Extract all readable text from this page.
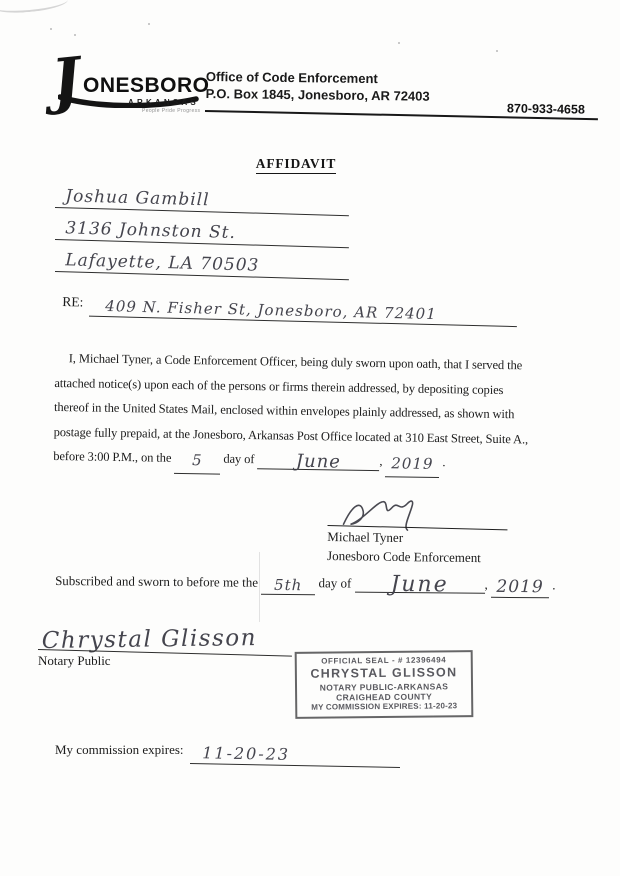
J ONESBORO
ARKANSAS
People Pride Progress
Office of Code Enforcement
P.O. Box 1845, Jonesboro, AR 72403
870-933-4658
AFFIDAVIT
Joshua Gambill
3136 Johnston St.
Lafayette, LA 70503
RE: 409 N. Fisher St, Jonesboro, AR 72401
I, Michael Tyner, a Code Enforcement Officer, being duly sworn upon oath, that I served the
attached notice(s) upon each of the persons or firms therein addressed, by depositing copies
thereof in the United States Mail, enclosed within envelopes plainly addressed, as shown with
postage fully prepaid, at the Jonesboro, Arkansas Post Office located at 310 East Street, Suite A.,
before 3:00 P.M., on the 5 day of June	, 2019 .
Michael Tyner
Jonesboro Code Enforcement
Subscribed and sworn to before me the 5th day of June	, 2019 .
Chrystal Glisson
Notary Public	OFFICIAL SEAL - # 12396494
CHRYSTAL GLISSON
NOTARY PUBLIC-ARKANSAS
CRAIGHEAD COUNTY
MY COMMISSION EXPIRES: 11-20-23
My commission expires: 11-20-23
